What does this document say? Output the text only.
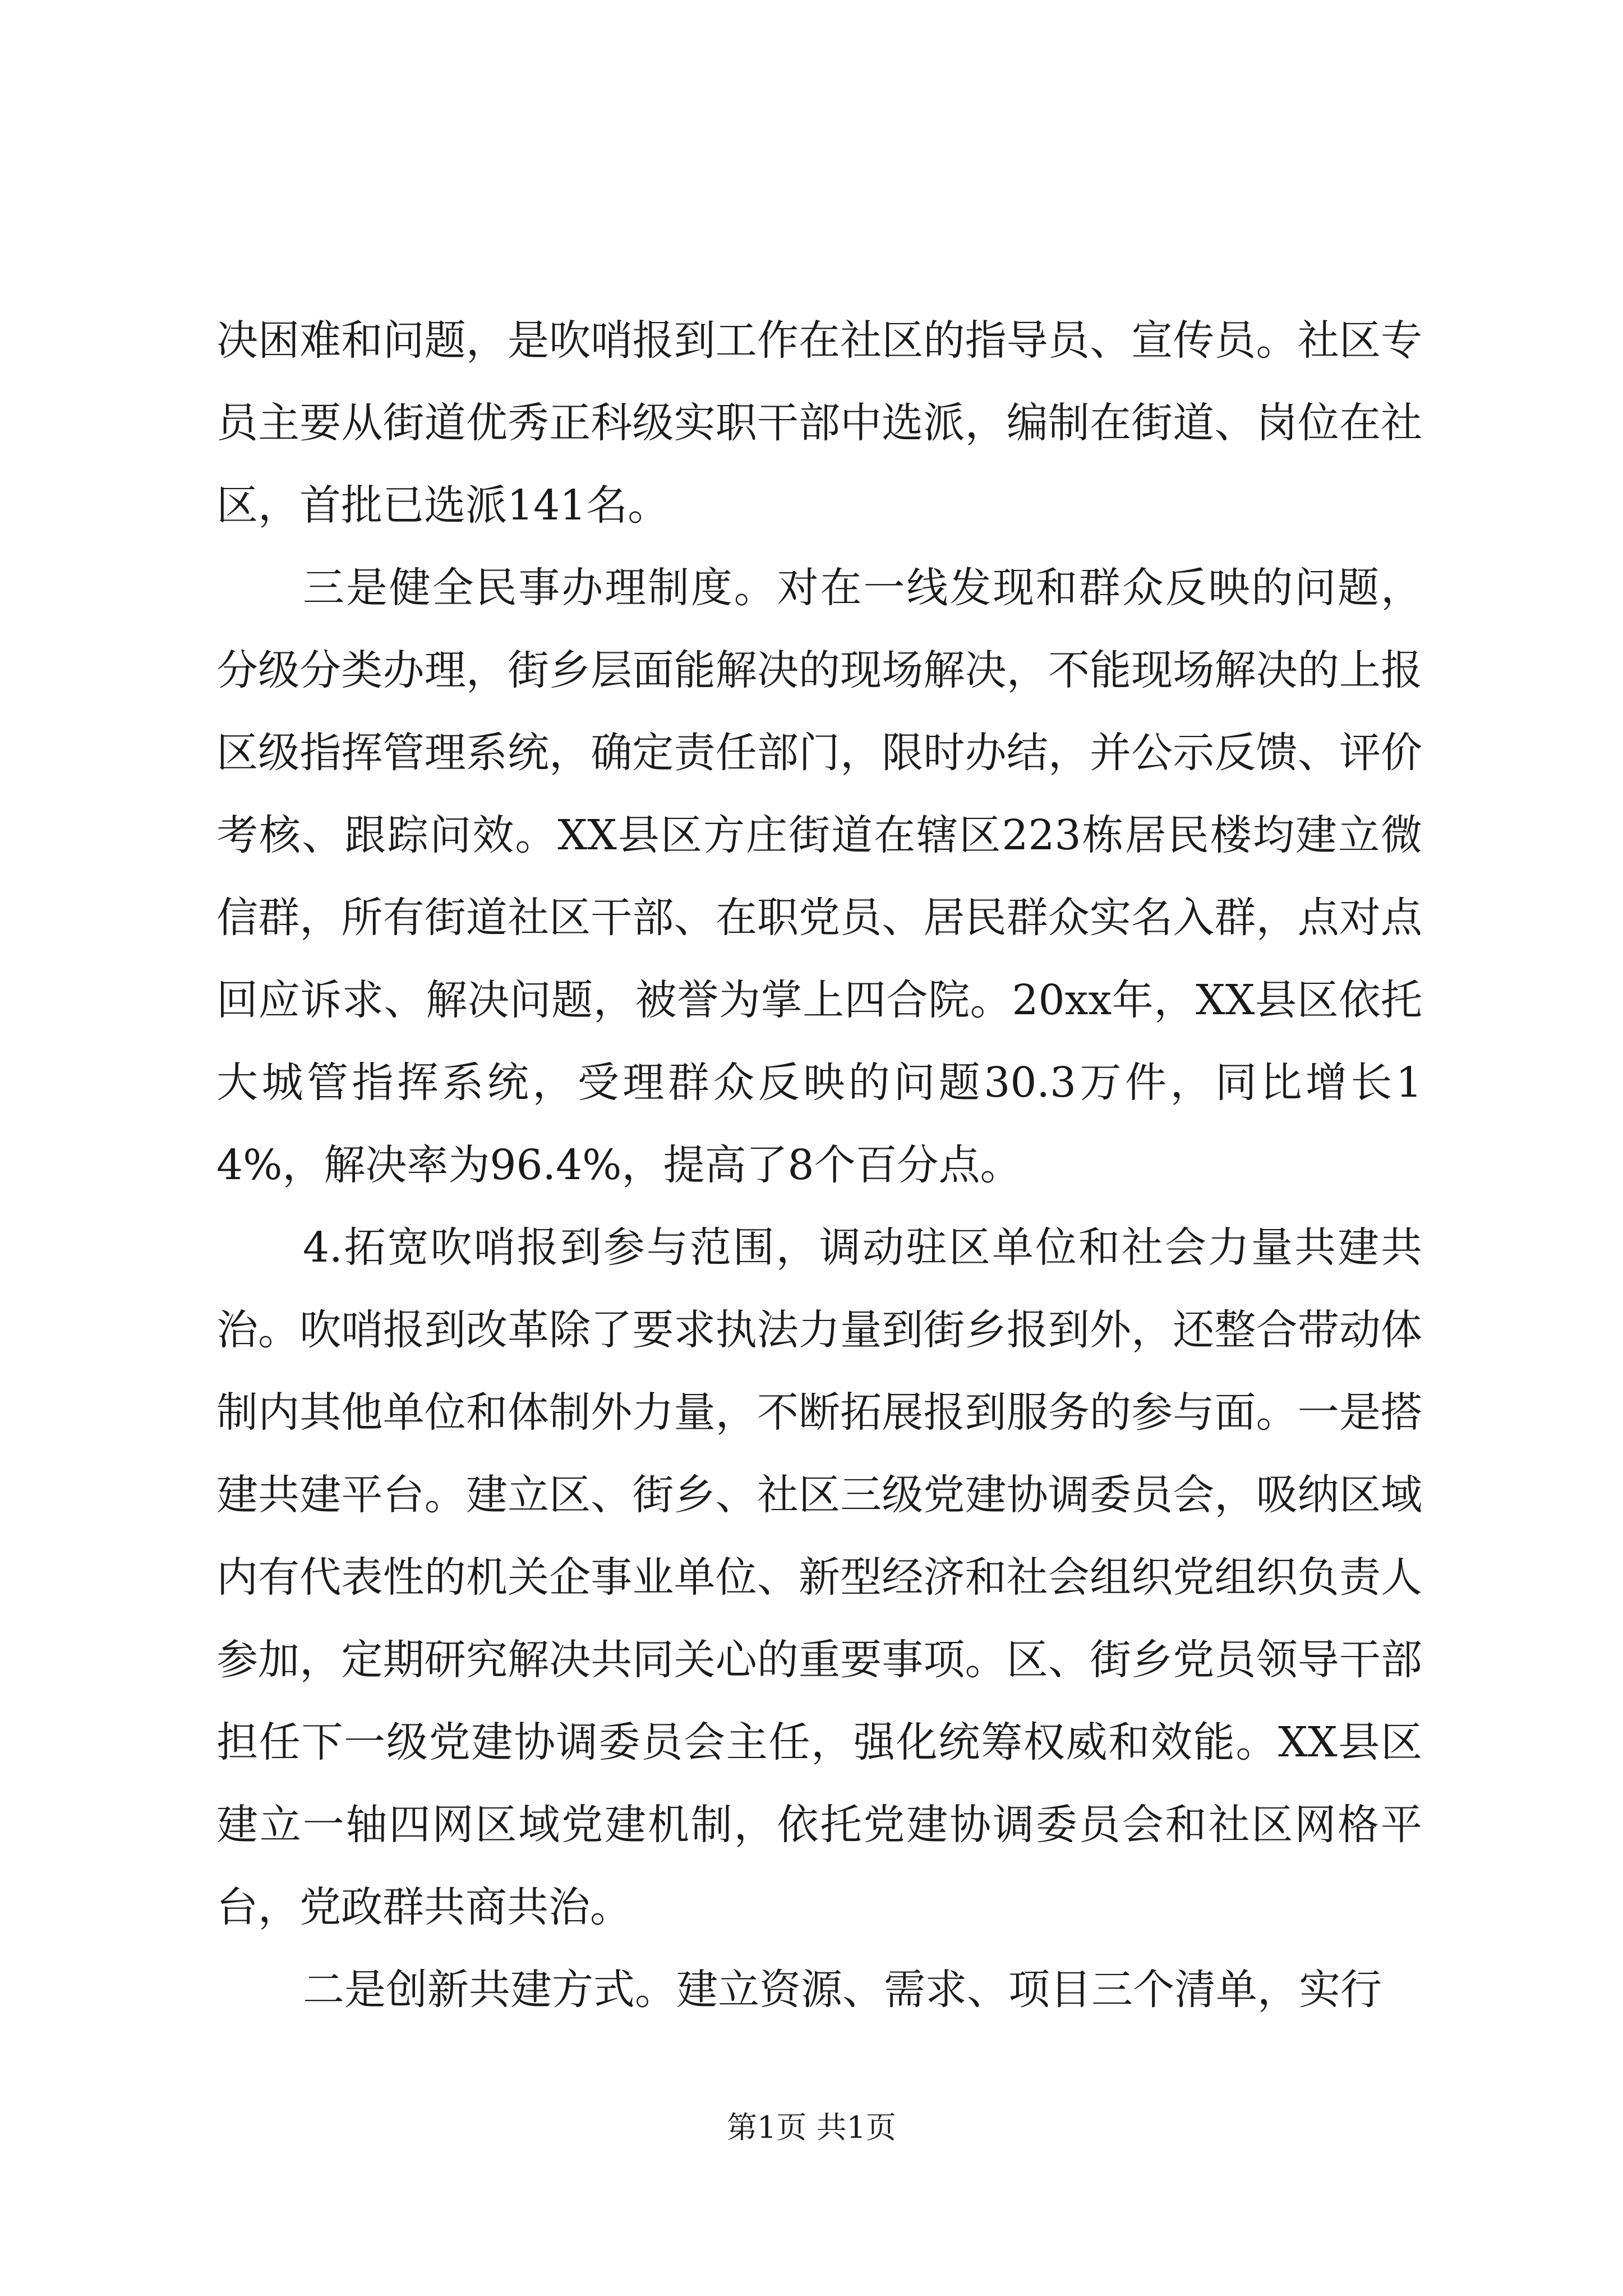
决困难和问题，是吹哨报到工作在社区的指导员、宣传员。社区专员主要从街道优秀正科级实职干部中选派，编制在街道、岗位在社区，首批已选派141名。

三是健全民事办理制度。对在一线发现和群众反映的问题，分级分类办理，街乡层面能解决的现场解决，不能现场解决的上报区级指挥管理系统，确定责任部门，限时办结，并公示反馈、评价考核、跟踪问效。XX县区方庄街道在辖区223栋居民楼均建立微信群，所有街道社区干部、在职党员、居民群众实名入群，点对点回应诉求、解决问题，被誉为掌上四合院。20xx年，XX县区依托大城管指挥系统，受理群众反映的问题30.3万件，同比增长14%，解决率为96.4%，提高了8个百分点。

4.拓宽吹哨报到参与范围，调动驻区单位和社会力量共建共治。吹哨报到改革除了要求执法力量到街乡报到外，还整合带动体制内其他单位和体制外力量，不断拓展报到服务的参与面。一是搭建共建平台。建立区、街乡、社区三级党建协调委员会，吸纳区域内有代表性的机关企事业单位、新型经济和社会组织党组织负责人参加，定期研究解决共同关心的重要事项。区、街乡党员领导干部担任下一级党建协调委员会主任，强化统筹权威和效能。XX县区建立一轴四网区域党建机制，依托党建协调委员会和社区网格平台，党政群共商共治。

二是创新共建方式。建立资源、需求、项目三个清单，实行

第1页 共1页
